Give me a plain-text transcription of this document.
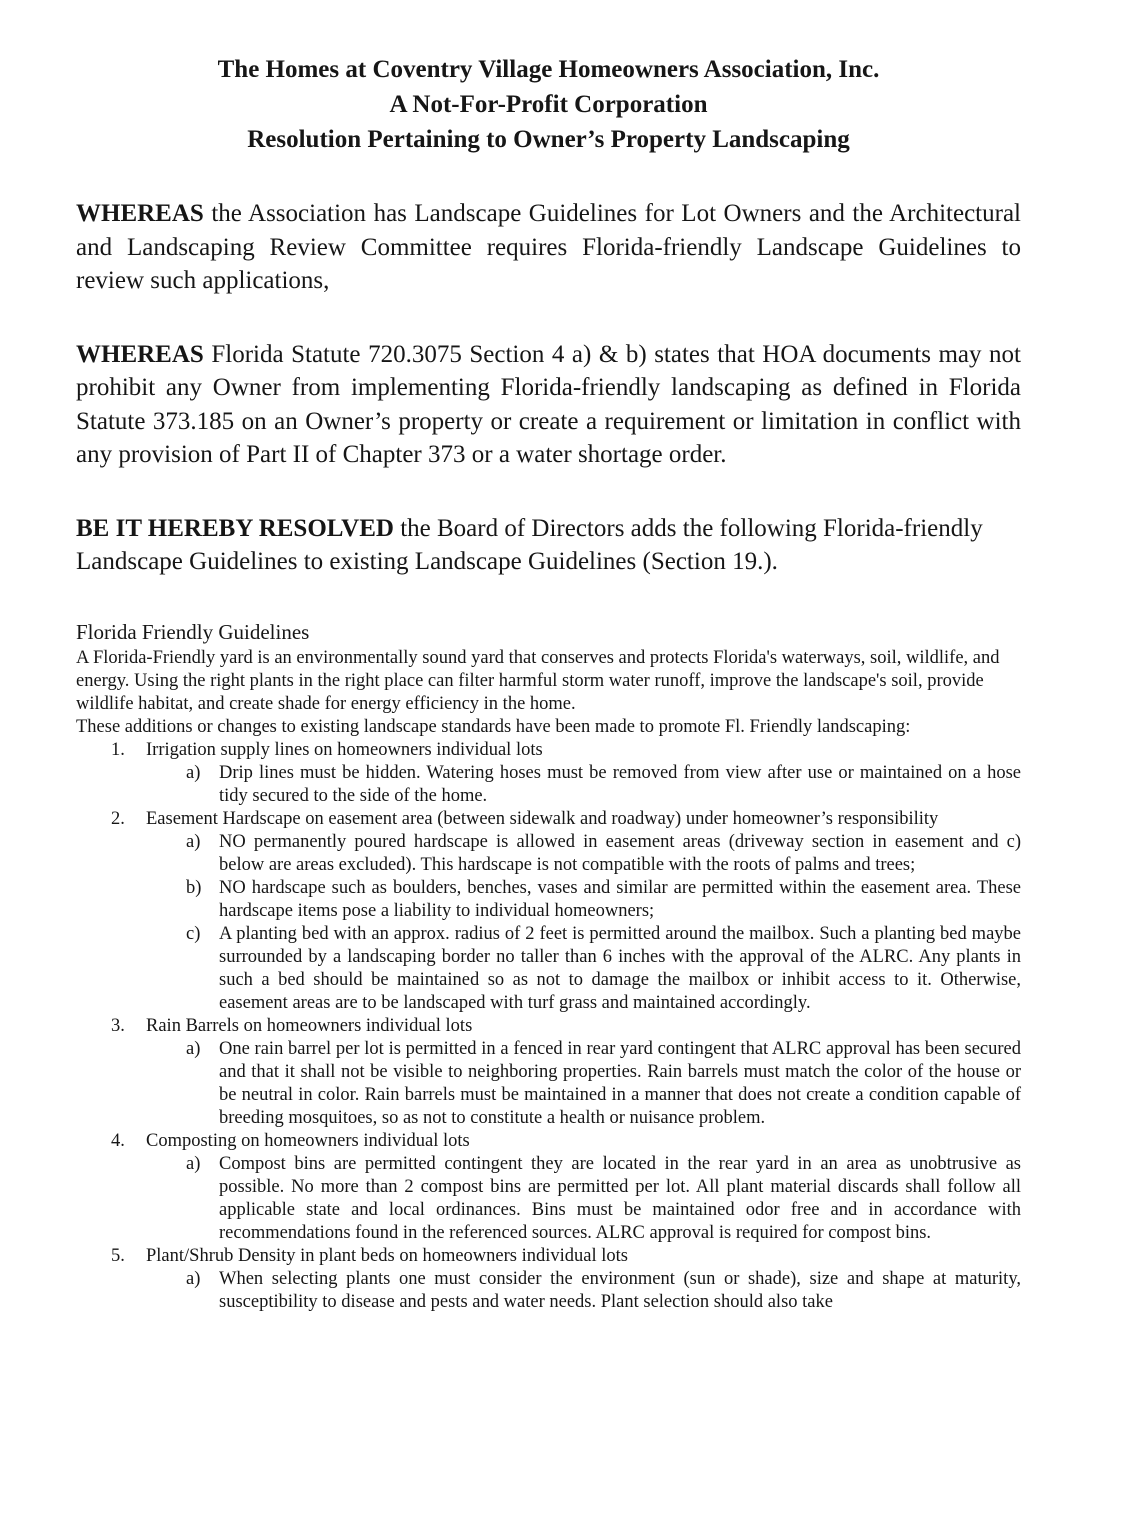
The Homes at Coventry Village Homeowners Association, Inc.
A Not-For-Profit Corporation
Resolution Pertaining to Owner’s Property Landscaping

WHEREAS the Association has Landscape Guidelines for Lot Owners and the Architectural and Landscaping Review Committee requires Florida-friendly Landscape Guidelines to review such applications,

WHEREAS Florida Statute 720.3075 Section 4 a) & b) states that HOA documents may not prohibit any Owner from implementing Florida-friendly landscaping as defined in Florida Statute 373.185 on an Owner’s property or create a requirement or limitation in conflict with any provision of Part II of Chapter 373 or a water shortage order.

BE IT HEREBY RESOLVED the Board of Directors adds the following Florida-friendly Landscape Guidelines to existing Landscape Guidelines (Section 19.).

Florida Friendly Guidelines

A Florida-Friendly yard is an environmentally sound yard that conserves and protects Florida's waterways, soil, wildlife, and energy. Using the right plants in the right place can filter harmful storm water runoff, improve the landscape's soil, provide wildlife habitat, and create shade for energy efficiency in the home.

These additions or changes to existing landscape standards have been made to promote Fl. Friendly landscaping:

1. Irrigation supply lines on homeowners individual lots
a) Drip lines must be hidden. Watering hoses must be removed from view after use or maintained on a hose tidy secured to the side of the home.
2. Easement Hardscape on easement area (between sidewalk and roadway) under homeowner’s responsibility
a) NO permanently poured hardscape is allowed in easement areas (driveway section in easement and c) below are areas excluded). This hardscape is not compatible with the roots of palms and trees;
b) NO hardscape such as boulders, benches, vases and similar are permitted within the easement area. These hardscape items pose a liability to individual homeowners;
c) A planting bed with an approx. radius of 2 feet is permitted around the mailbox. Such a planting bed maybe surrounded by a landscaping border no taller than 6 inches with the approval of the ALRC. Any plants in such a bed should be maintained so as not to damage the mailbox or inhibit access to it. Otherwise, easement areas are to be landscaped with turf grass and maintained accordingly.
3. Rain Barrels on homeowners individual lots
a) One rain barrel per lot is permitted in a fenced in rear yard contingent that ALRC approval has been secured and that it shall not be visible to neighboring properties. Rain barrels must match the color of the house or be neutral in color. Rain barrels must be maintained in a manner that does not create a condition capable of breeding mosquitoes, so as not to constitute a health or nuisance problem.
4. Composting on homeowners individual lots
a) Compost bins are permitted contingent they are located in the rear yard in an area as unobtrusive as possible. No more than 2 compost bins are permitted per lot. All plant material discards shall follow all applicable state and local ordinances. Bins must be maintained odor free and in accordance with recommendations found in the referenced sources. ALRC approval is required for compost bins.
5. Plant/Shrub Density in plant beds on homeowners individual lots
a) When selecting plants one must consider the environment (sun or shade), size and shape at maturity, susceptibility to disease and pests and water needs. Plant selection should also take
